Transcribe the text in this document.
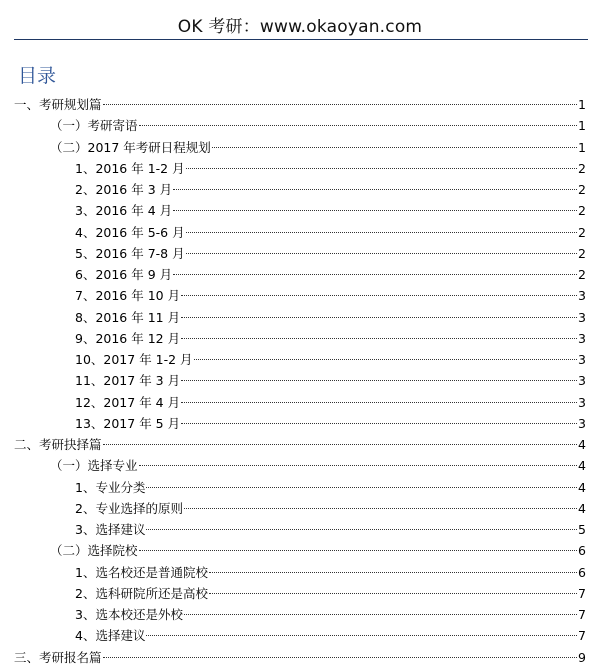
OK 考研：www.okaoyan.com
目录
一、考研规划篇	1
（一）考研寄语	1
（二）2017 年考研日程规划	1
1、2016 年 1-2 月	2
2、2016 年 3 月	2
3、2016 年 4 月	2
4、2016 年 5-6 月	2
5、2016 年 7-8 月	2
6、2016 年 9 月	2
7、2016 年 10 月	3
8、2016 年 11 月	3
9、2016 年 12 月	3
10、2017 年 1-2 月	3
11、2017 年 3 月	3
12、2017 年 4 月	3
13、2017 年 5 月	3
二、考研抉择篇	4
（一）选择专业	4
1、专业分类	4
2、专业选择的原则	4
3、选择建议	5
（二）选择院校	6
1、选名校还是普通院校	6
2、选科研院所还是高校	7
3、选本校还是外校	7
4、选择建议	7
三、考研报名篇	9
